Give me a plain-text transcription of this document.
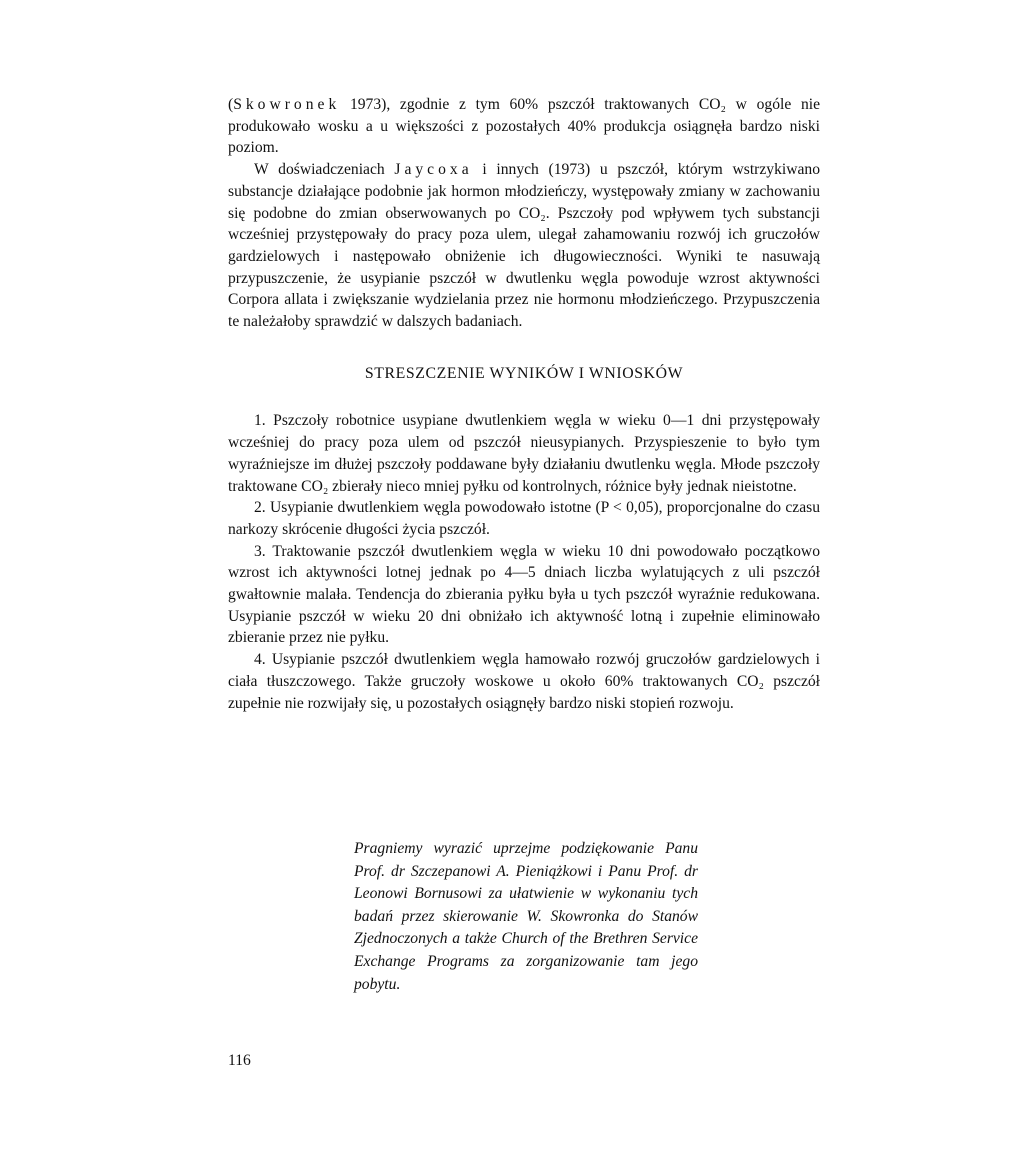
(Skowronek 1973), zgodnie z tym 60% pszczół traktowanych CO₂ w ogóle nie produkowało wosku a u większości z pozostałych 40% produkcja osiągnęła bardzo niski poziom.

W doświadczeniach Jaycoxa i innych (1973) u pszczół, którym wstrzykiwano substancje działające podobnie jak hormon młodzieńczy, występowały zmiany w zachowaniu się podobne do zmian obserwowanych po CO₂. Pszczoły pod wpływem tych substancji wcześniej przystępowały do pracy poza ulem, ulegał zahamowaniu rozwój ich gruczołów gardzielowych i następowało obniżenie ich długowieczności. Wyniki te nasuwają przypuszczenie, że usypianie pszczół w dwutlenku węgla powoduje wzrost aktywności Corpora allata i zwiększanie wydzielania przez nie hormonu młodzieńczego. Przypuszczenia te należałoby sprawdzić w dalszych badaniach.

STRESZCZENIE WYNIKÓW I WNIOSKÓW

1. Pszczoły robotnice usypiane dwutlenkiem węgla w wieku 0—1 dni przystępowały wcześniej do pracy poza ulem od pszczół nieusypianych. Przyspieszenie to było tym wyraźniejsze im dłużej pszczoły poddawane były działaniu dwutlenku węgla. Młode pszczoły traktowane CO₂ zbierały nieco mniej pyłku od kontrolnych, różnice były jednak nieistotne.

2. Usypianie dwutlenkiem węgla powodowało istotne (P < 0,05), proporcjonalne do czasu narkozy skrócenie długości życia pszczół.

3. Traktowanie pszczół dwutlenkiem węgla w wieku 10 dni powodowało początkowo wzrost ich aktywności lotnej jednak po 4—5 dniach liczba wylatujących z uli pszczół gwałtownie malała. Tendencja do zbierania pyłku była u tych pszczół wyraźnie redukowana. Usypianie pszczół w wieku 20 dni obniżało ich aktywność lotną i zupełnie eliminowało zbieranie przez nie pyłku.

4. Usypianie pszczół dwutlenkiem węgla hamowało rozwój gruczołów gardzielowych i ciała tłuszczowego. Także gruczoły woskowe u około 60% traktowanych CO₂ pszczół zupełnie nie rozwijały się, u pozostałych osiągnęły bardzo niski stopień rozwoju.

Pragniemy wyrazić uprzejme podziękowanie Panu Prof. dr Szczepanowi A. Pieniążkowi i Panu Prof. dr Leonowi Bornusowi za ułatwienie w wykonaniu tych badań przez skierowanie W. Skowronka do Stanów Zjednoczonych a także Church of the Brethren Service Exchange Programs za zorganizowanie tam jego pobytu.
116
